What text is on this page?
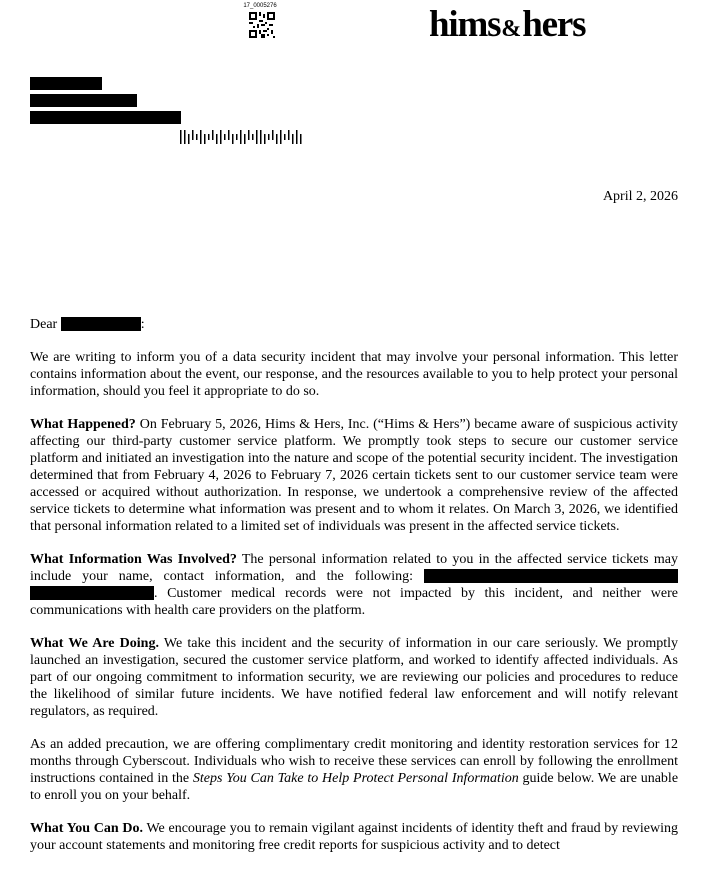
17_0005276	hims&hers
April 2, 2026
Dear	:

We are writing to inform you of a data security incident that may involve your personal information. This letter contains information about the event, our response, and the resources available to you to help protect your personal information, should you feel it appropriate to do so.

What Happened? On February 5, 2026, Hims & Hers, Inc. (“Hims & Hers”) became aware of suspicious activity affecting our third-party customer service platform. We promptly took steps to secure our customer service platform and initiated an investigation into the nature and scope of the potential security incident. The investigation determined that from February 4, 2026 to February 7, 2026 certain tickets sent to our customer service team were accessed or acquired without authorization. In response, we undertook a comprehensive review of the affected service tickets to determine what information was present and to whom it relates. On March 3, 2026, we identified that personal information related to a limited set of individuals was present in the affected service tickets.

What Information Was Involved? The personal information related to you in the affected service tickets may include your name, contact information, and the following:  . Customer medical records were not impacted by this incident, and neither were communications with health care providers on the platform.

What We Are Doing. We take this incident and the security of information in our care seriously. We promptly launched an investigation, secured the customer service platform, and worked to identify affected individuals. As part of our ongoing commitment to information security, we are reviewing our policies and procedures to reduce the likelihood of similar future incidents. We have notified federal law enforcement and will notify relevant regulators, as required.

As an added precaution, we are offering complimentary credit monitoring and identity restoration services for 12 months through Cyberscout. Individuals who wish to receive these services can enroll by following the enrollment instructions contained in the Steps You Can Take to Help Protect Personal Information guide below. We are unable to enroll you on your behalf.

What You Can Do. We encourage you to remain vigilant against incidents of identity theft and fraud by reviewing your account statements and monitoring free credit reports for suspicious activity and to detect
